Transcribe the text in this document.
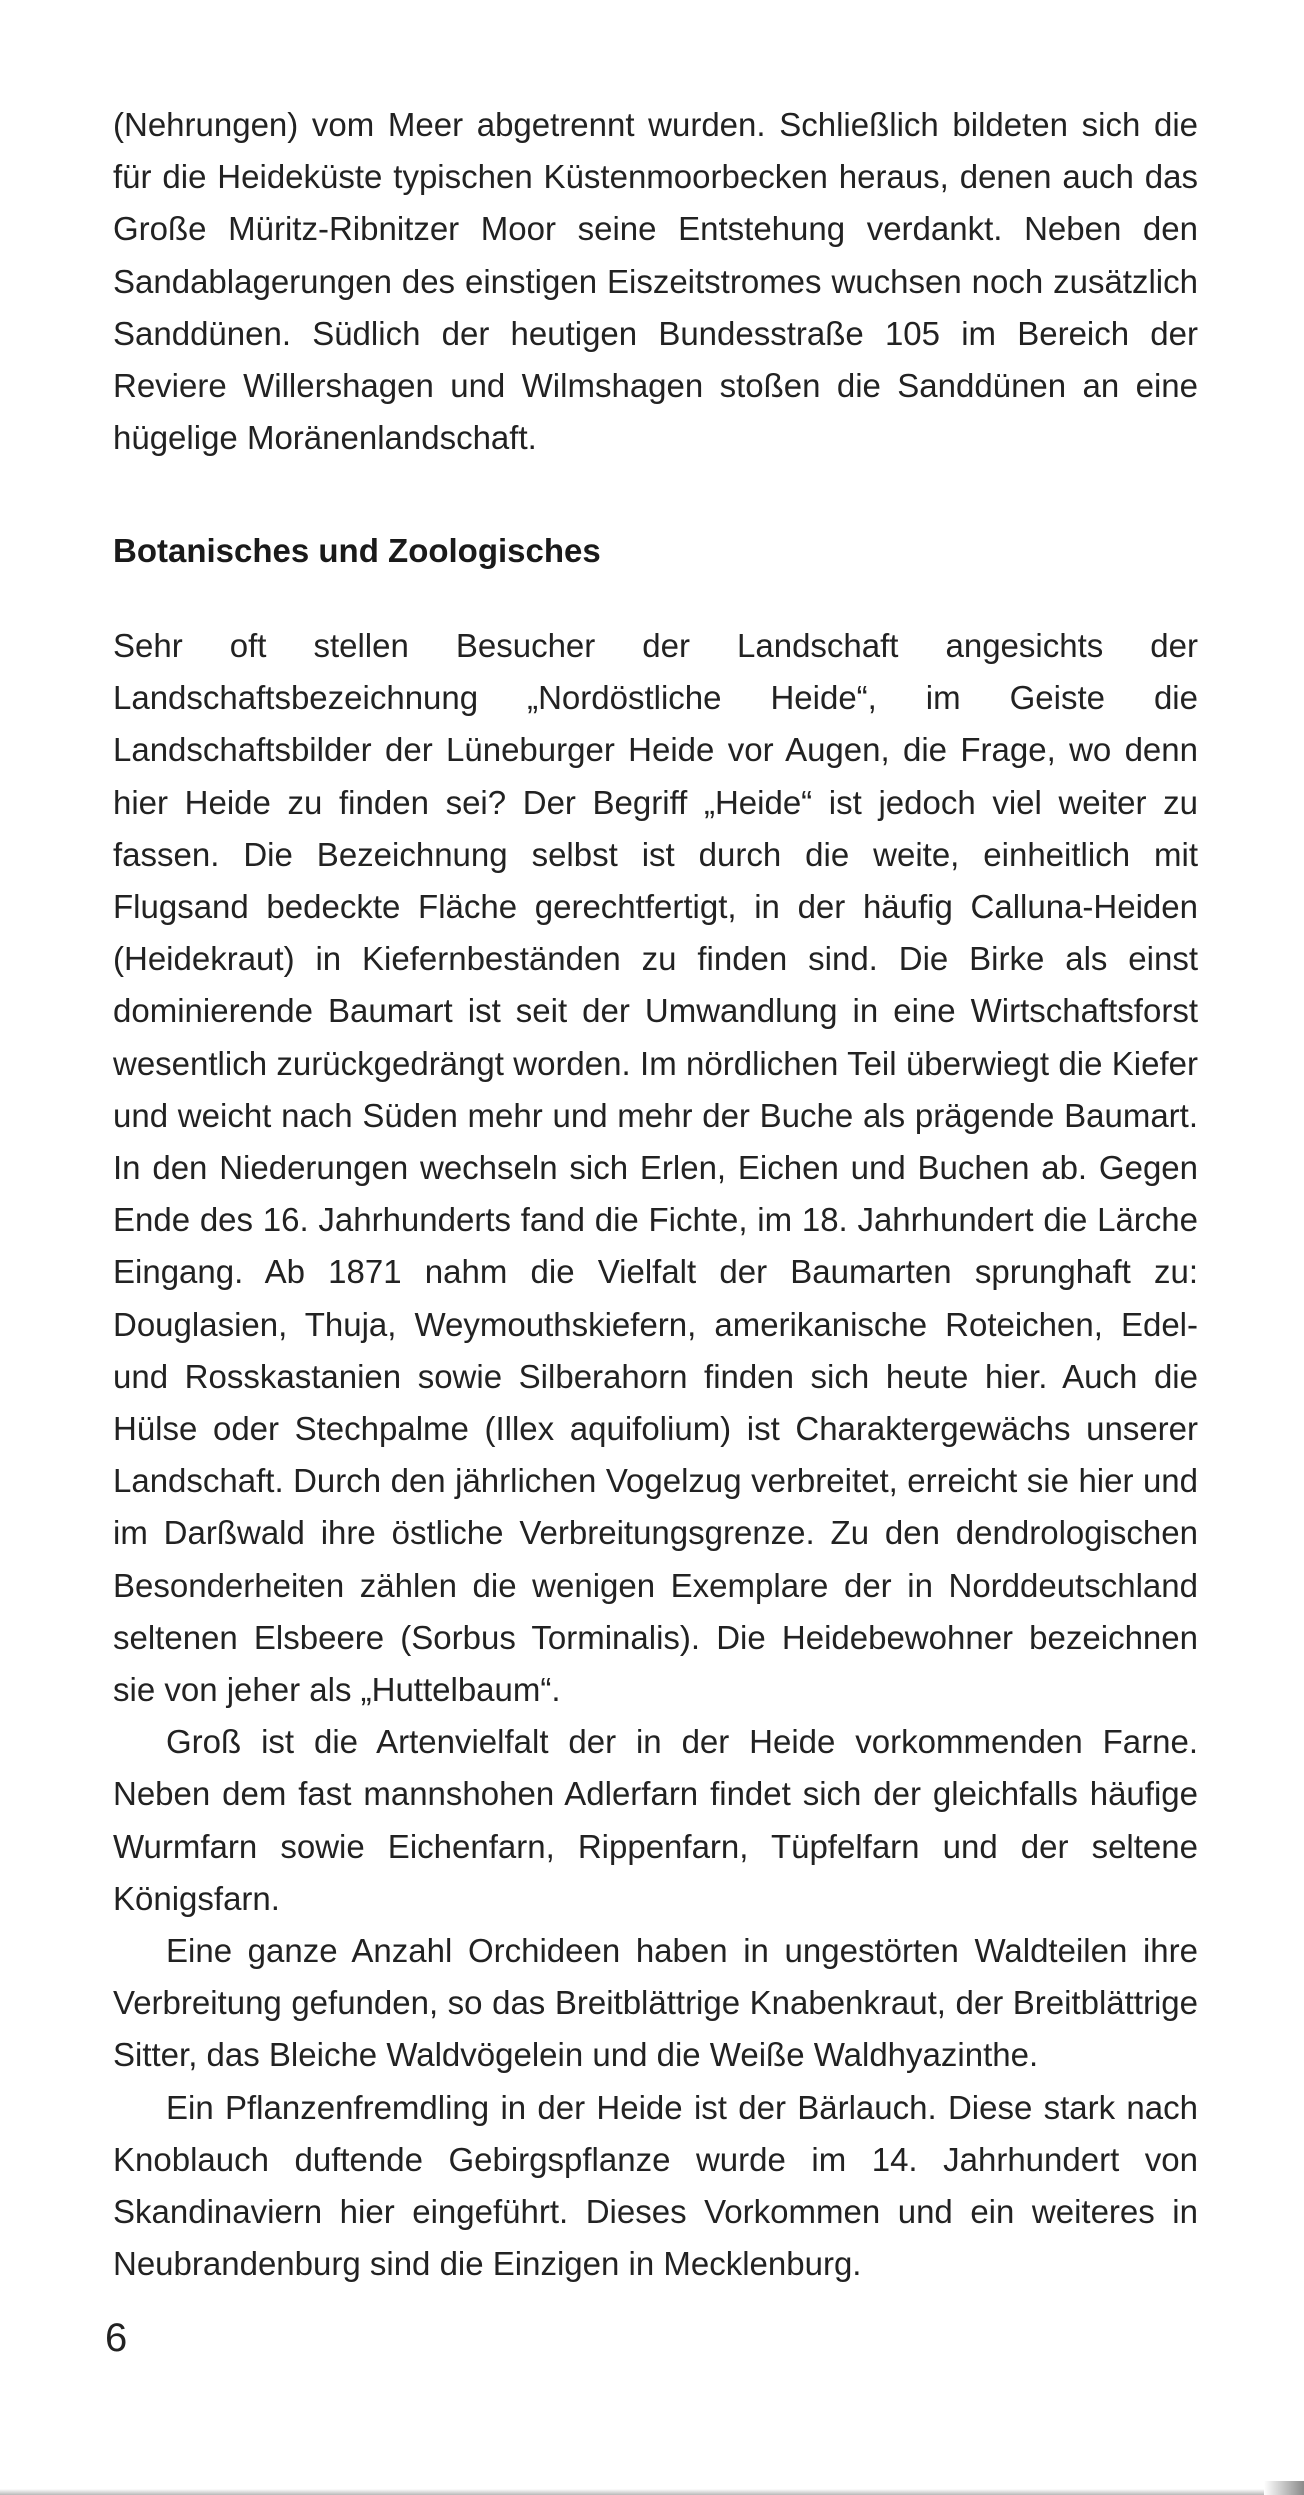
(Nehrungen) vom Meer abgetrennt wurden. Schließlich bildeten sich die für die Heideküste typischen Küstenmoorbecken heraus, denen auch das Große Müritz-Ribnitzer Moor seine Entstehung verdankt. Neben den Sandablagerungen des einstigen Eiszeitstromes wuchsen noch zusätzlich Sanddünen. Südlich der heutigen Bundesstraße 105 im Bereich der Reviere Willershagen und Wilmshagen stoßen die Sanddünen an eine hügelige Moränenlandschaft.

Botanisches und Zoologisches

Sehr oft stellen Besucher der Landschaft angesichts der Landschaftsbezeichnung „Nordöstliche Heide“, im Geiste die Landschaftsbilder der Lüneburger Heide vor Augen, die Frage, wo denn hier Heide zu finden sei? Der Begriff „Heide“ ist jedoch viel weiter zu fassen. Die Bezeichnung selbst ist durch die weite, einheitlich mit Flugsand bedeckte Fläche gerechtfertigt, in der häufig Calluna-Heiden (Heidekraut) in Kiefernbeständen zu finden sind. Die Birke als einst dominierende Baumart ist seit der Umwandlung in eine Wirtschaftsforst wesentlich zurückgedrängt worden. Im nördlichen Teil überwiegt die Kiefer und weicht nach Süden mehr und mehr der Buche als prägende Baumart. In den Niederungen wechseln sich Erlen, Eichen und Buchen ab. Gegen Ende des 16. Jahrhunderts fand die Fichte, im 18. Jahrhundert die Lärche Eingang. Ab 1871 nahm die Vielfalt der Baumarten sprunghaft zu: Douglasien, Thuja, Weymouthskiefern, amerikanische Roteichen, Edel- und Rosskastanien sowie Silberahorn finden sich heute hier. Auch die Hülse oder Stechpalme (Illex aquifolium) ist Charaktergewächs unserer Landschaft. Durch den jährlichen Vogelzug verbreitet, erreicht sie hier und im Darßwald ihre östliche Verbreitungsgrenze. Zu den dendrologischen Besonderheiten zählen die wenigen Exemplare der in Norddeutschland seltenen Elsbeere (Sorbus Torminalis). Die Heidebewohner bezeichnen sie von jeher als „Huttelbaum“.

Groß ist die Artenvielfalt der in der Heide vorkommenden Farne. Neben dem fast mannshohen Adlerfarn findet sich der gleichfalls häufige Wurmfarn sowie Eichenfarn, Rippenfarn, Tüpfelfarn und der seltene Königsfarn.

Eine ganze Anzahl Orchideen haben in ungestörten Waldteilen ihre Verbreitung gefunden, so das Breitblättrige Knabenkraut, der Breitblättrige Sitter, das Bleiche Waldvögelein und die Weiße Waldhyazinthe.

Ein Pflanzenfremdling in der Heide ist der Bärlauch. Diese stark nach Knoblauch duftende Gebirgspflanze wurde im 14. Jahrhundert von Skandinaviern hier eingeführt. Dieses Vorkommen und ein weiteres in Neubrandenburg sind die Einzigen in Mecklenburg.

6
